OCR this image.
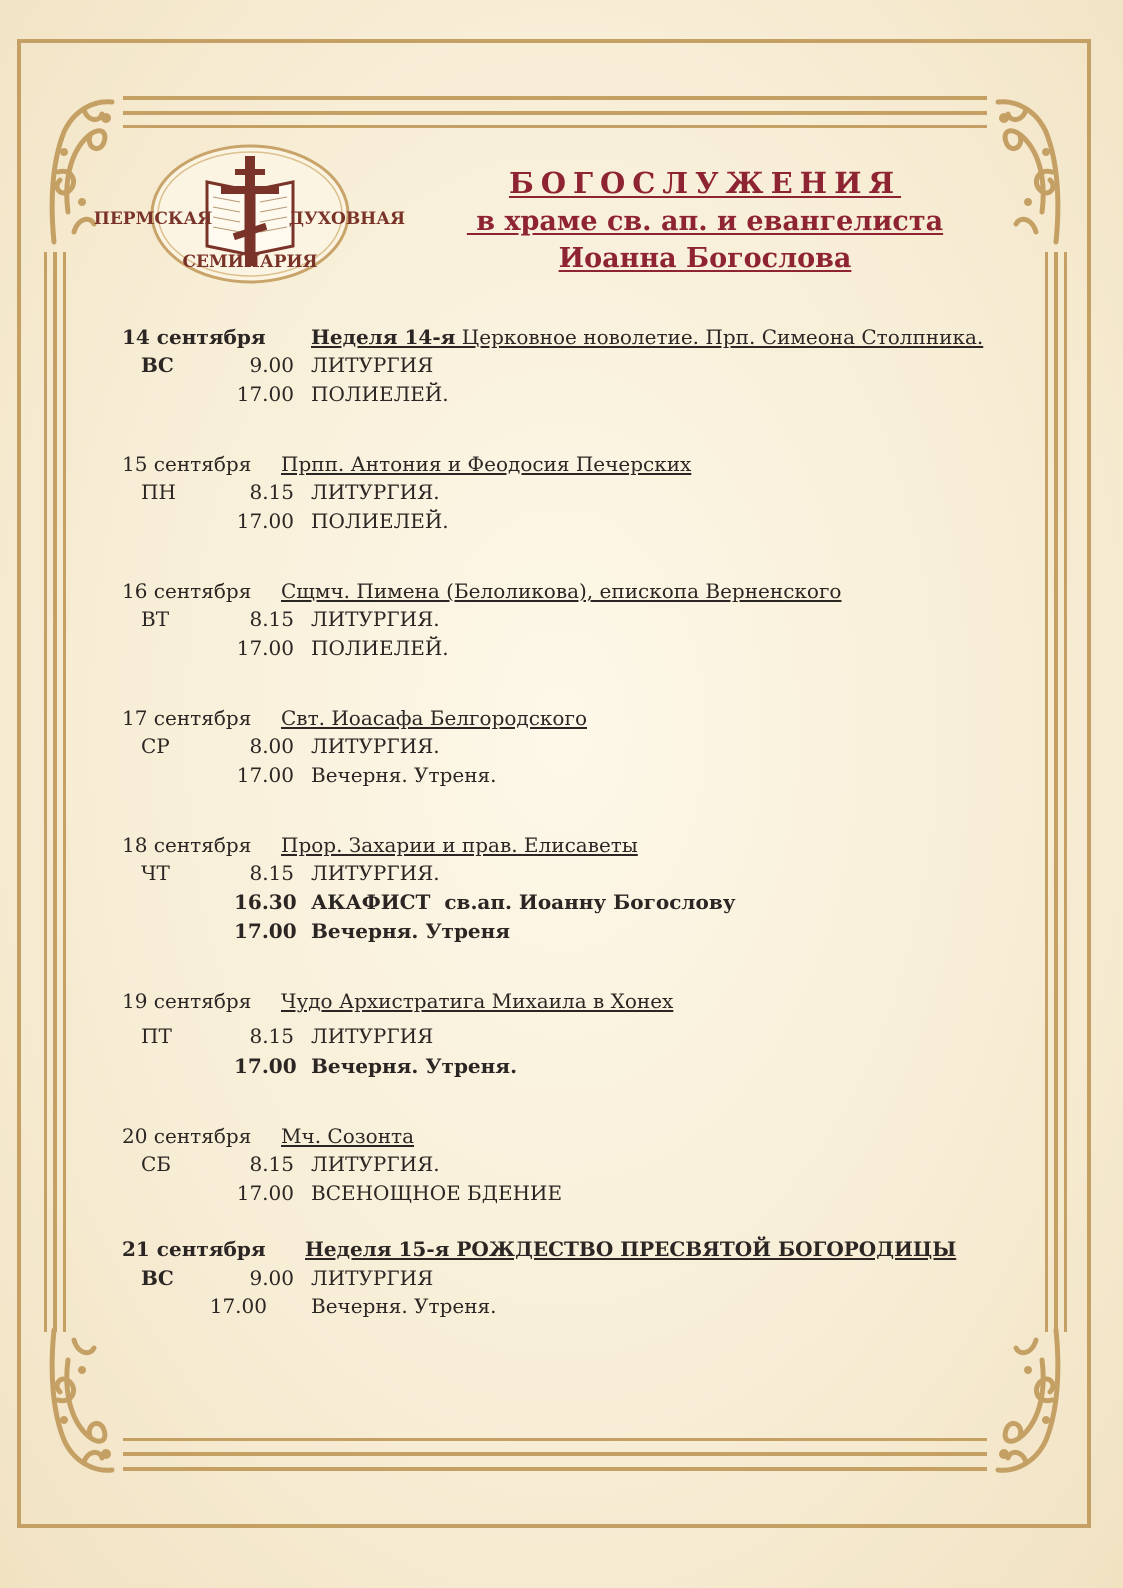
ПЕРМСКАЯ	ДУХОВНАЯ
СЕМИНАРИЯ
БОГОСЛУЖЕНИЯ
в храме св. ап. и евангелиста
Иоанна Богослова
14 сентября Неделя 14-я Церковное новолетие. Прп. Симеона Столпника.
ВС	9.00 ЛИТУРГИЯ
17.00 ПОЛИЕЛЕЙ.
15 сентября Прпп. Антония и Феодосия Печерских
ПН	8.15 ЛИТУРГИЯ.
17.00 ПОЛИЕЛЕЙ.
16 сентября Сщмч. Пимена (Белоликова), епископа Верненского
ВТ	8.15 ЛИТУРГИЯ.
17.00 ПОЛИЕЛЕЙ.
17 сентября Свт. Иоасафа Белгородского
СР	8.00 ЛИТУРГИЯ.
17.00 Вечерня. Утреня.
18 сентября Прор. Захарии и прав. Елисаветы
ЧТ	8.15 ЛИТУРГИЯ.
16.30 АКАФИСТ  св.ап. Иоанну Богослову
17.00 Вечерня. Утреня
19 сентября Чудо Архистратига Михаила в Хонех
ПТ	8.15 ЛИТУРГИЯ
17.00 Вечерня. Утреня.
20 сентября Мч. Созонта
СБ	8.15 ЛИТУРГИЯ.
17.00 ВСЕНОЩНОЕ БДЕНИЕ
21 сентября Неделя 15-я РОЖДЕСТВО ПРЕСВЯТОЙ БОГОРОДИЦЫ
ВС	9.00 ЛИТУРГИЯ
17.00 Вечерня. Утреня.
